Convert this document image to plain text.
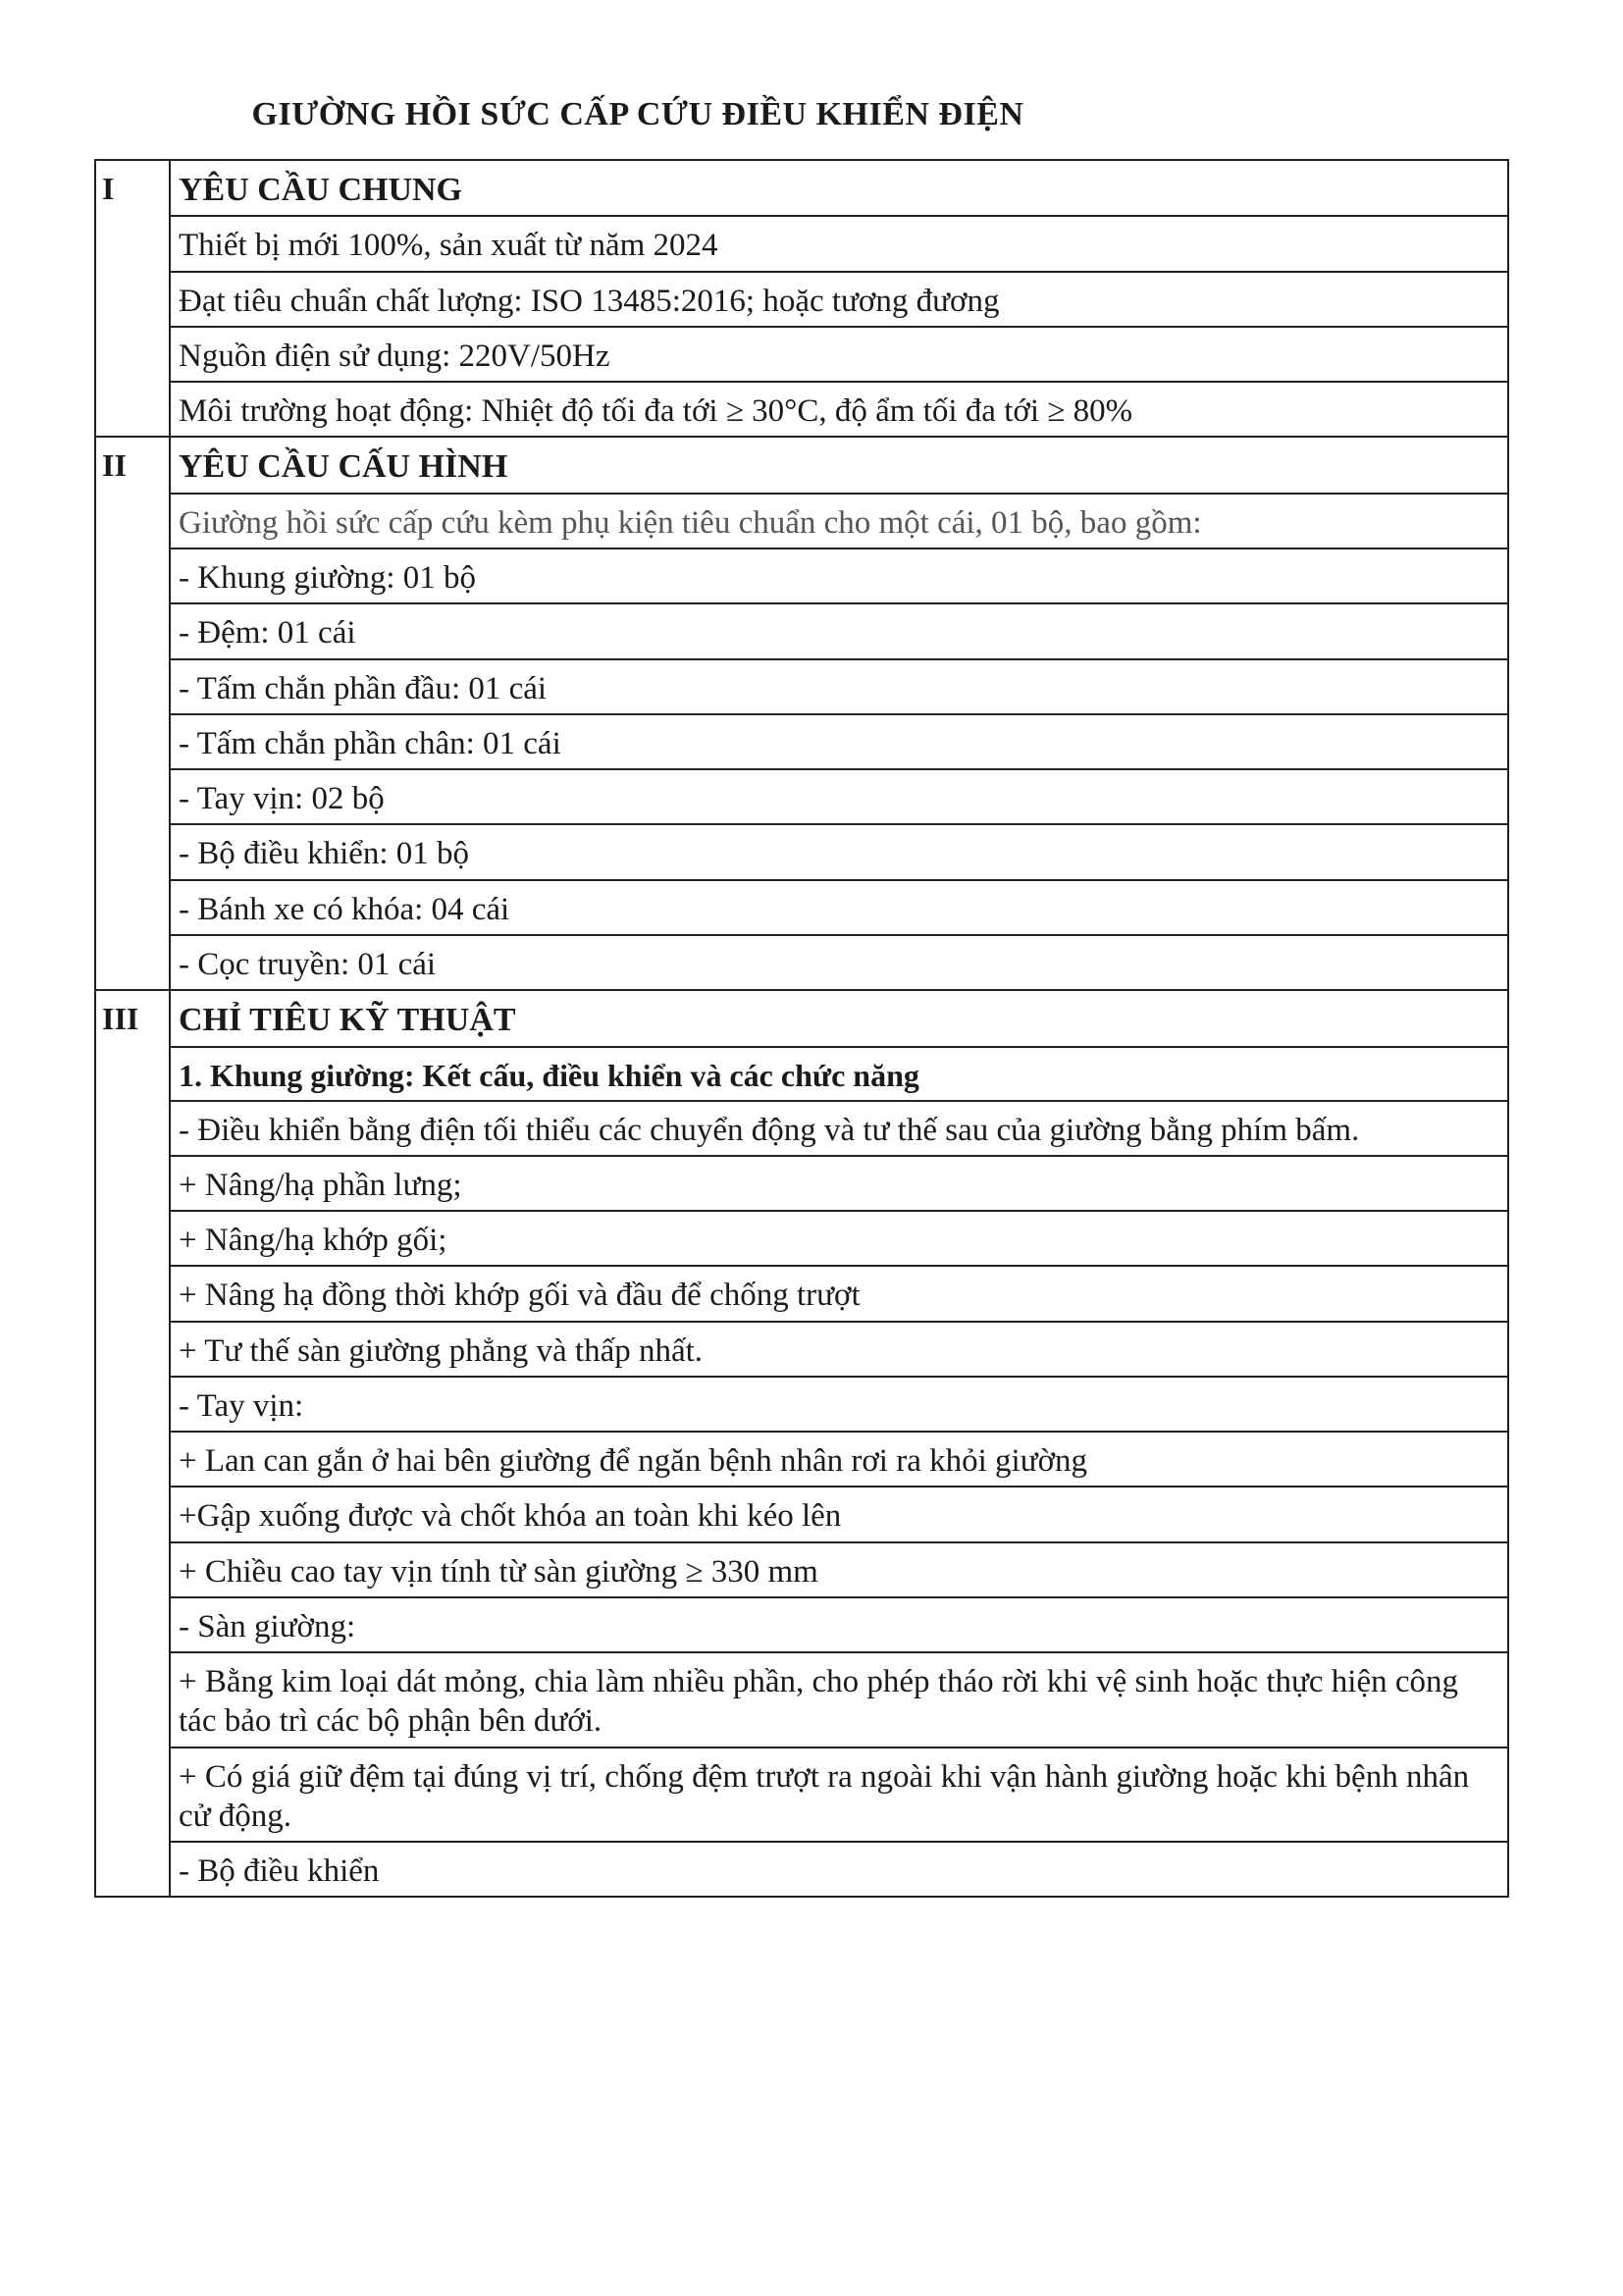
GIƯỜNG HỒI SỨC CẤP CỨU ĐIỀU KHIỂN ĐIỆN
I	YÊU CẦU CHUNG
	Thiết bị mới 100%, sản xuất từ năm 2024
	Đạt tiêu chuẩn chất lượng: ISO 13485:2016; hoặc tương đương
	Nguồn điện sử dụng: 220V/50Hz
	Môi trường hoạt động: Nhiệt độ tối đa tới ≥ 30°C, độ ẩm tối đa tới ≥ 80%
II	YÊU CẦU CẤU HÌNH
	Giường hồi sức cấp cứu kèm phụ kiện tiêu chuẩn cho một cái, 01 bộ, bao gồm:
	- Khung giường: 01 bộ
	- Đệm: 01 cái
	- Tấm chắn phần đầu: 01 cái
	- Tấm chắn phần chân: 01 cái
	- Tay vịn: 02 bộ
	- Bộ điều khiển: 01 bộ
	- Bánh xe có khóa: 04 cái
	- Cọc truyền: 01 cái
III	CHỈ TIÊU KỸ THUẬT
	1. Khung giường: Kết cấu, điều khiển và các chức năng
	- Điều khiển bằng điện tối thiểu các chuyển động và tư thế sau của giường bằng phím bấm.
	+ Nâng/hạ phần lưng;
	+ Nâng/hạ khớp gối;
	+ Nâng hạ đồng thời khớp gối và đầu để chống trượt
	+ Tư thế sàn giường phẳng và thấp nhất.
	- Tay vịn:
	+ Lan can gắn ở hai bên giường để ngăn bệnh nhân rơi ra khỏi giường
	+Gập xuống được và chốt khóa an toàn khi kéo lên
	+ Chiều cao tay vịn tính từ sàn giường ≥ 330 mm
	- Sàn giường:
	+ Bằng kim loại dát mỏng, chia làm nhiều phần, cho phép tháo rời khi vệ sinh hoặc thực hiện công tác bảo trì các bộ phận bên dưới.
	+ Có giá giữ đệm tại đúng vị trí, chống đệm trượt ra ngoài khi vận hành giường hoặc khi bệnh nhân cử động.
	- Bộ điều khiển
